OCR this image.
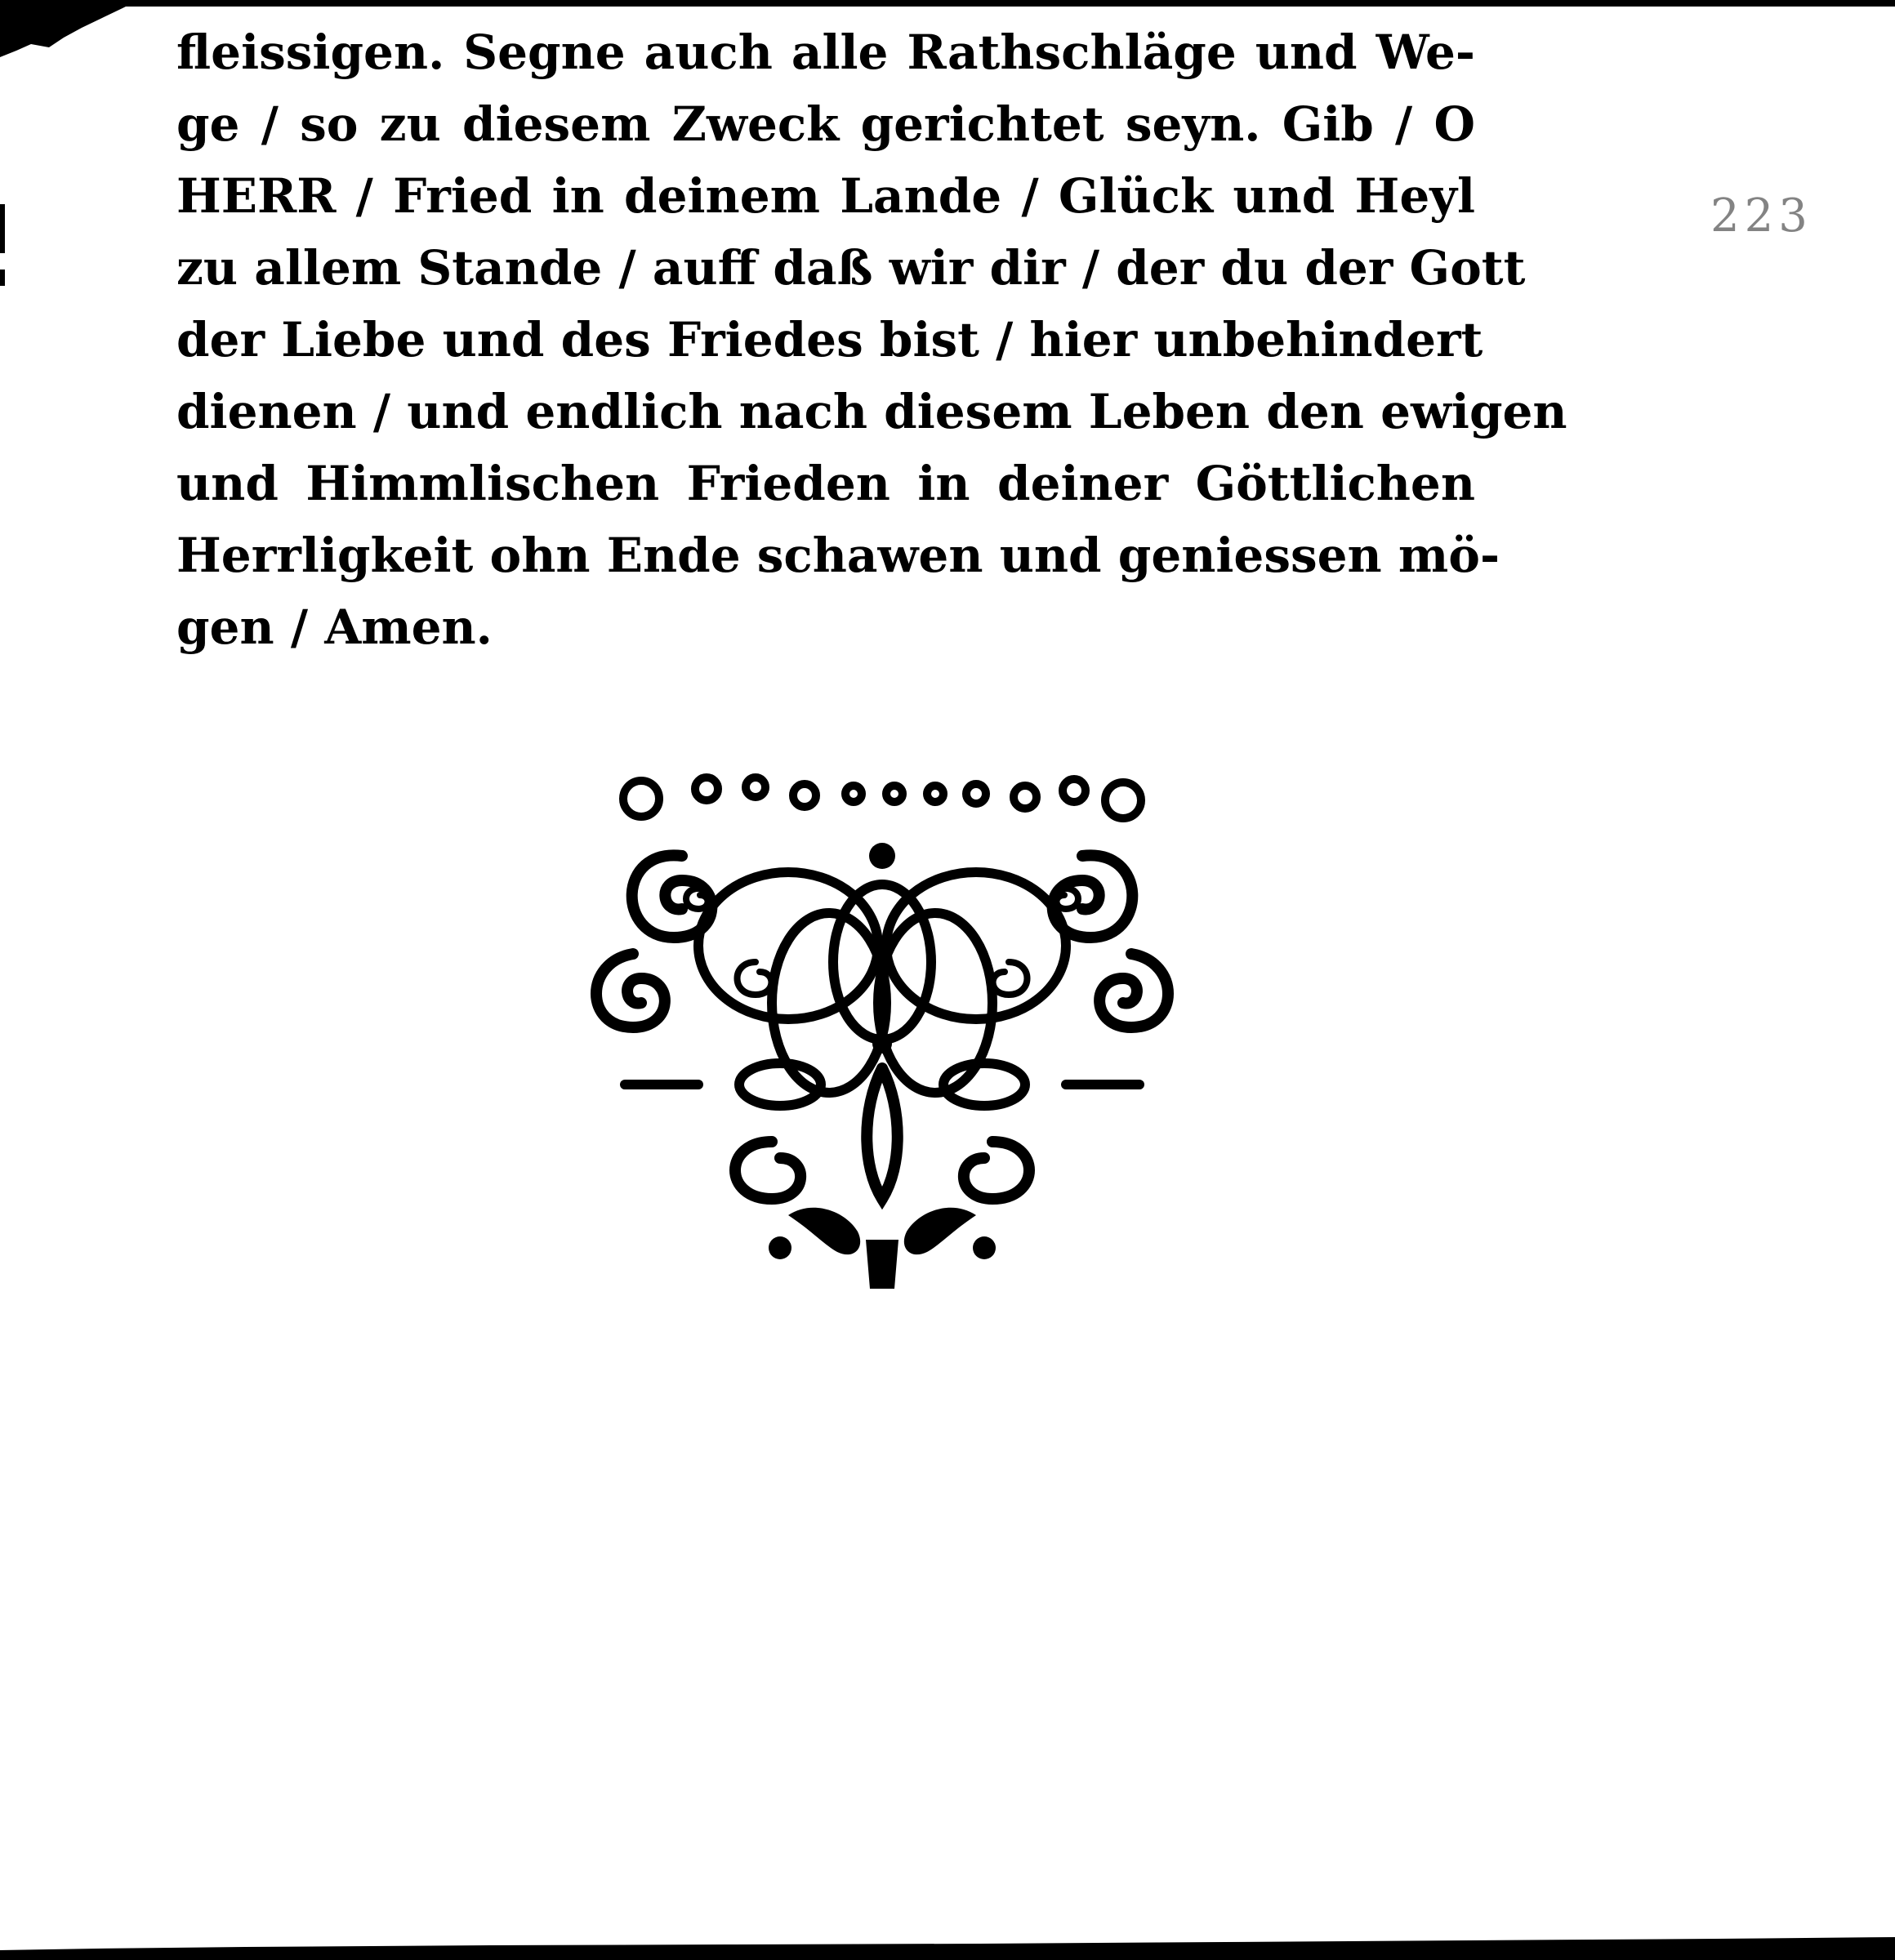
fleissigen. Segne auch alle Rathschläge und We-
ge / so zu diesem Zweck gerichtet seyn. Gib / O
HERR / Fried in deinem Lande / Glück und Heyl
zu allem Stande / auff daß wir dir / der du der Gott
der Liebe und des Friedes bist / hier unbehindert
dienen / und endlich nach diesem Leben den ewigen
und Himmlischen Frieden in deiner Göttlichen
Herrligkeit ohn Ende schawen und geniessen mö-
gen / Amen.
223
